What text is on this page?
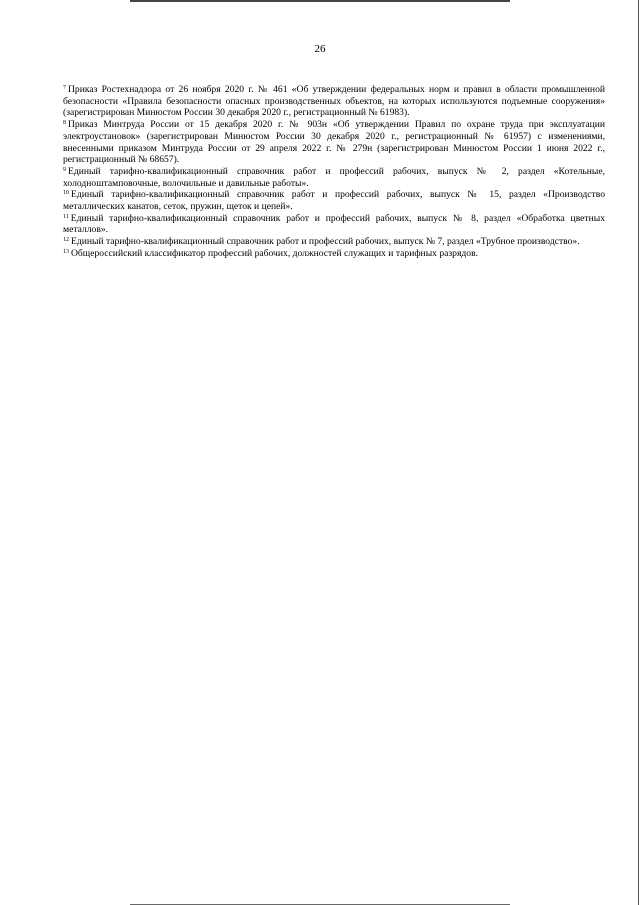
26

$^7$ Приказ Ростехнадзора от 26 ноября 2020 г. № 461 «Об утверждении федеральных норм и правил в области промышленной безопасности «Правила безопасности опасных производственных объектов, на которых используются подъемные сооружения» (зарегистрирован Минюстом России 30 декабря 2020 г., регистрационный № 61983).

$^8$ Приказ Минтруда России от 15 декабря 2020 г. № 903н «Об утверждении Правил по охране труда при эксплуатации электроустановок» (зарегистрирован Минюстом России 30 декабря 2020 г., регистрационный № 61957) с изменениями, внесенными приказом Минтруда России от 29 апреля 2022 г. № 279н (зарегистрирован Минюстом России 1 июня 2022 г., регистрационный № 68657).

$^9$ Единый тарифно-квалификационный справочник работ и профессий рабочих, выпуск № 2, раздел «Котельные, холодноштамповочные, волочильные и давильные работы».

$^{10}$ Единый тарифно-квалификационный справочник работ и профессий рабочих, выпуск № 15, раздел «Производство металлических канатов, сеток, пружин, щеток и цепей».

$^{11}$ Единый тарифно-квалификационный справочник работ и профессий рабочих, выпуск № 8, раздел «Обработка цветных металлов».

$^{12}$ Единый тарифно-квалификационный справочник работ и профессий рабочих, выпуск № 7, раздел «Трубное производство».

$^{13}$ Общероссийский классификатор профессий рабочих, должностей служащих и тарифных разрядов.
